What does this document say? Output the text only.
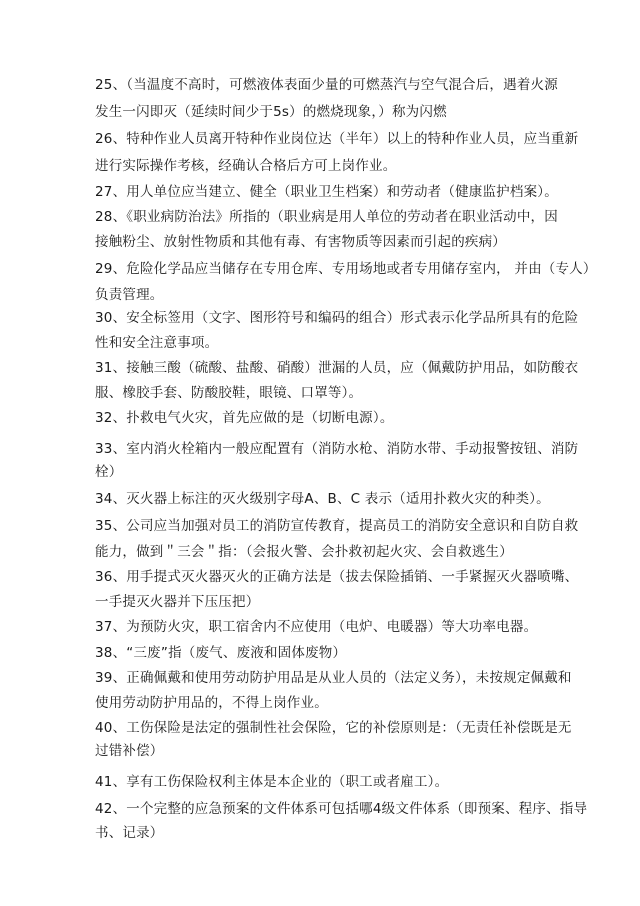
25、（当温度不高时，可燃液体表面少量的可燃蒸汽与空气混合后，遇着火源
发生一闪即灭（延续时间少于5s）的燃烧现象，）称为闪燃
26、特种作业人员离开特种作业岗位达（半年）以上的特种作业人员，应当重新
进行实际操作考核，经确认合格后方可上岗作业。
27、用人单位应当建立、健全（职业卫生档案）和劳动者（健康监护档案）。
28、《职业病防治法》所指的（职业病是用人单位的劳动者在职业活动中，因
接触粉尘、放射性物质和其他有毒、有害物质等因素而引起的疾病）
29、危险化学品应当储存在专用仓库、专用场地或者专用储存室内， 并由（专人）
负责管理。
30、安全标签用（文字、图形符号和编码的组合）形式表示化学品所具有的危险
性和安全注意事项。
31、接触三酸（硫酸、盐酸、硝酸）泄漏的人员，应（佩戴防护用品，如防酸衣
服、橡胶手套、防酸胶鞋，眼镜、口罩等）。
32、扑救电气火灾，首先应做的是（切断电源）。
33、室内消火栓箱内一般应配置有（消防水枪、消防水带、手动报警按钮、消防
栓）
34、灭火器上标注的灭火级别字母A、B、C 表示（适用扑救火灾的种类）。
35、公司应当加强对员工的消防宣传教育，提高员工的消防安全意识和自防自救
能力，做到＂三会＂指：（会报火警、会扑救初起火灾、会自救逃生）
36、用手提式灭火器灭火的正确方法是（拔去保险插销、一手紧握灭火器喷嘴、
一手提灭火器并下压压把）
37、为预防火灾，职工宿舍内不应使用（电炉、电暖器）等大功率电器。
38、“三废”指（废气、废液和固体废物）
39、正确佩戴和使用劳动防护用品是从业人员的（法定义务），未按规定佩戴和
使用劳动防护用品的，不得上岗作业。
40、工伤保险是法定的强制性社会保险，它的补偿原则是：（无责任补偿既是无
过错补偿）
41、享有工伤保险权利主体是本企业的（职工或者雇工）。
42、一个完整的应急预案的文件体系可包括哪4级文件体系（即预案、程序、指导
书、记录）
